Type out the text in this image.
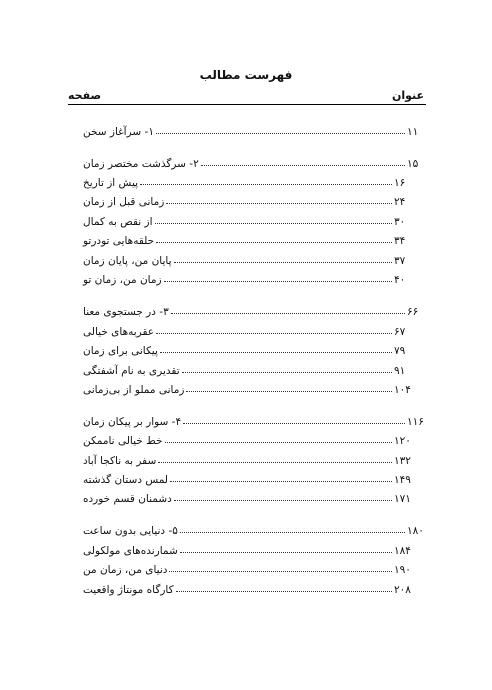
فهرست مطالب
عنوان
صفحه
۱- سرآغاز سخن	۱۱
۲- سرگذشت مختصر زمان	۱۵
پیش از تاریخ	۱۶
زمانی قبل از زمان	۲۴
از نقص به کمال	۳۰
حلقه‌هایی تودرتو	۳۴
پایان من، پایان زمان	۳۷
زمان من، زمان تو	۴۰
۳- در جستجوی معنا	۶۶
عقربه‌های خیالی	۶۷
پیکانی برای زمان	۷۹
تقدیری به نام آشفتگی	۹۱
زمانی مملو از بی‌زمانی	۱۰۴
۴- سوار بر پیکان زمان	۱۱۶
خط خیالی ناممکن	۱۲۰
سفر به ناکجا آباد	۱۳۲
لمس دستان گذشته	۱۴۹
دشمنان قسم خورده	۱۷۱
۵- دنیایی بدون ساعت	۱۸۰
شمارنده‌های مولکولی	۱۸۴
دنیای من، زمان من	۱۹۰
کارگاه مونتاژ واقعیت	۲۰۸
